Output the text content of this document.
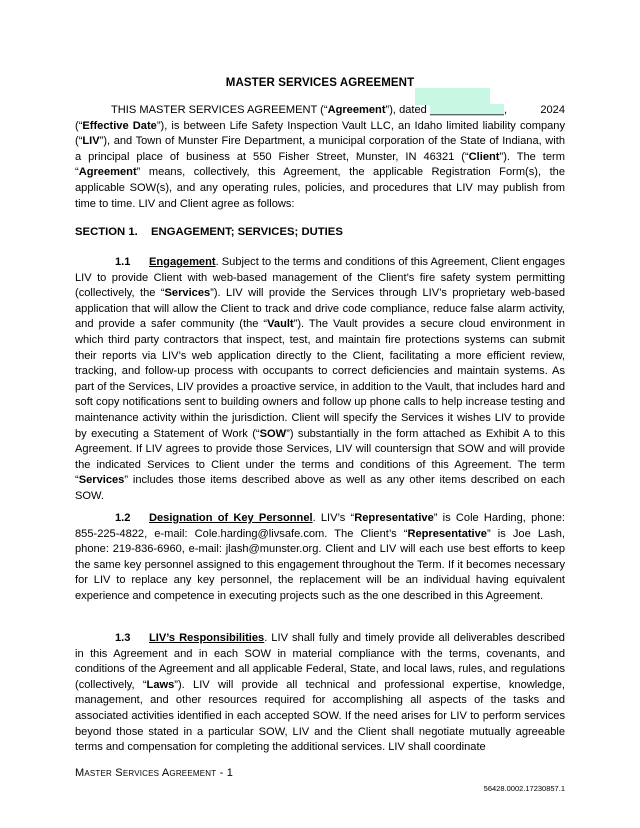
MASTER SERVICES AGREEMENT

THIS MASTER SERVICES AGREEMENT (“Agreement”), dated ____________,	2024

(“Effective Date”), is between Life Safety Inspection Vault LLC, an Idaho limited liability company (“LIV”), and Town of Munster Fire Department, a municipal corporation of the State of Indiana, with a principal place of business at 550 Fisher Street, Munster, IN 46321 (“Client”). The term “Agreement” means, collectively, this Agreement, the applicable Registration Form(s), the applicable SOW(s), and any operating rules, policies, and procedures that LIV may publish from time to time. LIV and Client agree as follows:

SECTION 1. ENGAGEMENT; SERVICES; DUTIES

1.1 Engagement. Subject to the terms and conditions of this Agreement, Client engages LIV to provide Client with web-based management of the Client’s fire safety system permitting (collectively, the “Services”). LIV will provide the Services through LIV’s proprietary web-based application that will allow the Client to track and drive code compliance, reduce false alarm activity, and provide a safer community (the “Vault”). The Vault provides a secure cloud environment in which third party contractors that inspect, test, and maintain fire protections systems can submit their reports via LIV’s web application directly to the Client, facilitating a more efficient review, tracking, and follow-up process with occupants to correct deficiencies and maintain systems. As part of the Services, LIV provides a proactive service, in addition to the Vault, that includes hard and soft copy notifications sent to building owners and follow up phone calls to help increase testing and maintenance activity within the jurisdiction. Client will specify the Services it wishes LIV to provide by executing a Statement of Work (“SOW”) substantially in the form attached as Exhibit A to this Agreement. If LIV agrees to provide those Services, LIV will countersign that SOW and will provide the indicated Services to Client under the terms and conditions of this Agreement. The term “Services” includes those items described above as well as any other items described on each SOW.

1.2 Designation of Key Personnel. LIV’s “Representative” is Cole Harding, phone: 855-225-4822, e-mail: Cole.harding@livsafe.com. The Client’s “Representative” is Joe Lash, phone: 219-836-6960, e-mail: jlash@munster.org. Client and LIV will each use best efforts to keep the same key personnel assigned to this engagement throughout the Term. If it becomes necessary for LIV to replace any key personnel, the replacement will be an individual having equivalent experience and competence in executing projects such as the one described in this Agreement.

1.3 LIV’s Responsibilities. LIV shall fully and timely provide all deliverables described in this Agreement and in each SOW in material compliance with the terms, covenants, and conditions of the Agreement and all applicable Federal, State, and local laws, rules, and regulations (collectively, “Laws”). LIV will provide all technical and professional expertise, knowledge, management, and other resources required for accomplishing all aspects of the tasks and associated activities identified in each accepted SOW. If the need arises for LIV to perform services beyond those stated in a particular SOW, LIV and the Client shall negotiate mutually agreeable terms and compensation for completing the additional services. LIV shall coordinate

Master Services Agreement - 1
56428.0002.17230857.1
